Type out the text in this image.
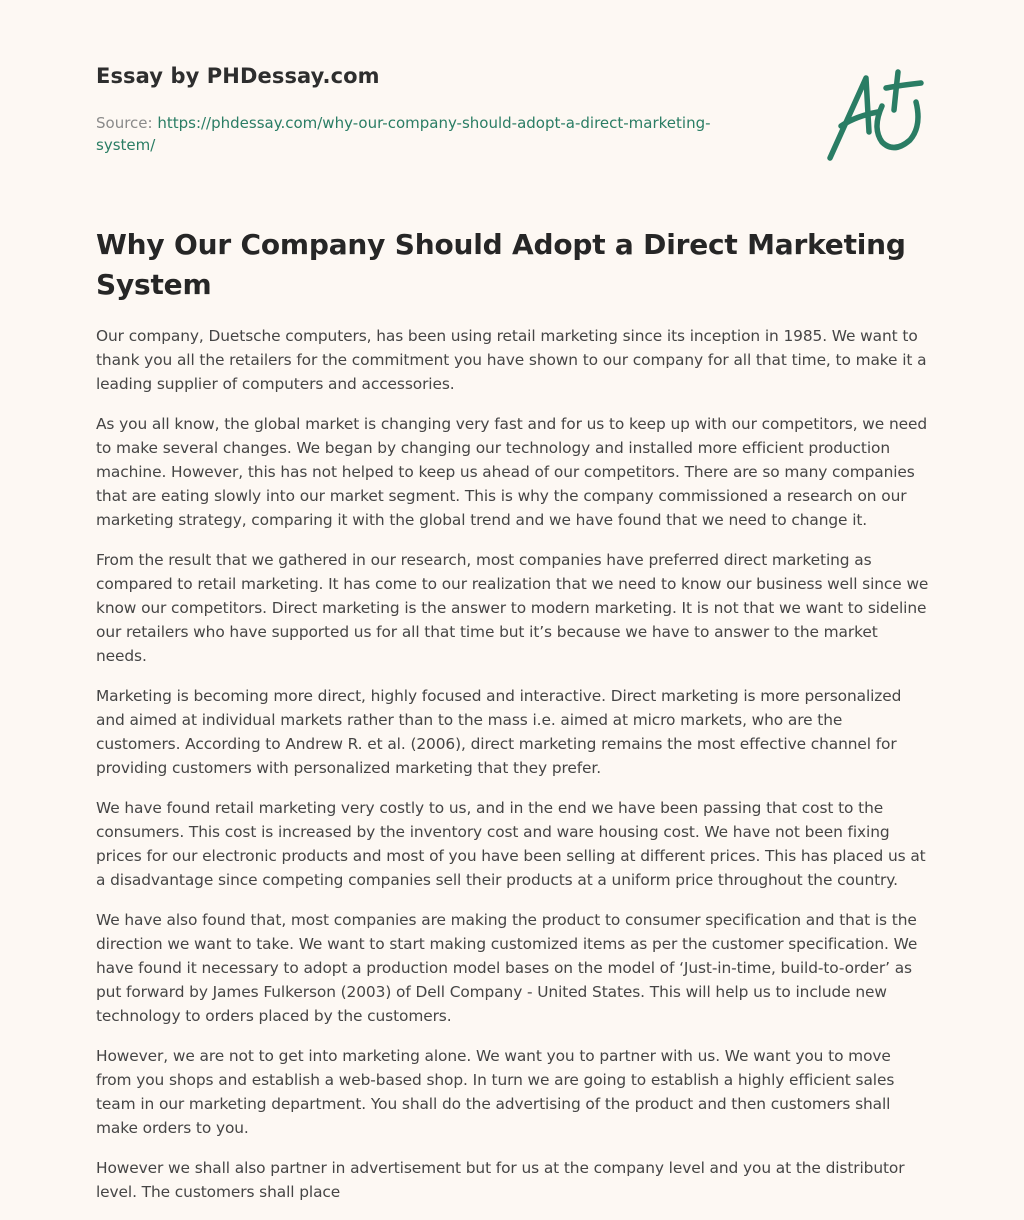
Essay by PHDessay.com
Source: https://phdessay.com/why-our-company-should-adopt-a-direct-marketing-system/
Why Our Company Should Adopt a Direct Marketing System

Our company, Duetsche computers, has been using retail marketing since its inception in 1985. We want to thank you all the retailers for the commitment you have shown to our company for all that time, to make it a leading supplier of computers and accessories.

As you all know, the global market is changing very fast and for us to keep up with our competitors, we need to make several changes. We began by changing our technology and installed more efficient production machine. However, this has not helped to keep us ahead of our competitors. There are so many companies that are eating slowly into our market segment. This is why the company commissioned a research on our marketing strategy, comparing it with the global trend and we have found that we need to change it.

From the result that we gathered in our research, most companies have preferred direct marketing as compared to retail marketing. It has come to our realization that we need to know our business well since we know our competitors. Direct marketing is the answer to modern marketing. It is not that we want to sideline our retailers who have supported us for all that time but it’s because we have to answer to the market needs.

Marketing is becoming more direct, highly focused and interactive. Direct marketing is more personalized and aimed at individual markets rather than to the mass i.e. aimed at micro markets, who are the customers. According to Andrew R. et al. (2006), direct marketing remains the most effective channel for providing customers with personalized marketing that they prefer.

We have found retail marketing very costly to us, and in the end we have been passing that cost to the consumers. This cost is increased by the inventory cost and ware housing cost. We have not been fixing prices for our electronic products and most of you have been selling at different prices. This has placed us at a disadvantage since competing companies sell their products at a uniform price throughout the country.

We have also found that, most companies are making the product to consumer specification and that is the direction we want to take. We want to start making customized items as per the customer specification. We have found it necessary to adopt a production model bases on the model of ‘Just-in-time, build-to-order’ as put forward by James Fulkerson (2003) of Dell Company - United States. This will help us to include new technology to orders placed by the customers.

However, we are not to get into marketing alone. We want you to partner with us. We want you to move from you shops and establish a web-based shop. In turn we are going to establish a highly efficient sales team in our marketing department. You shall do the advertising of the product and then customers shall make orders to you.

However we shall also partner in advertisement but for us at the company level and you at the distributor level. The customers shall place
